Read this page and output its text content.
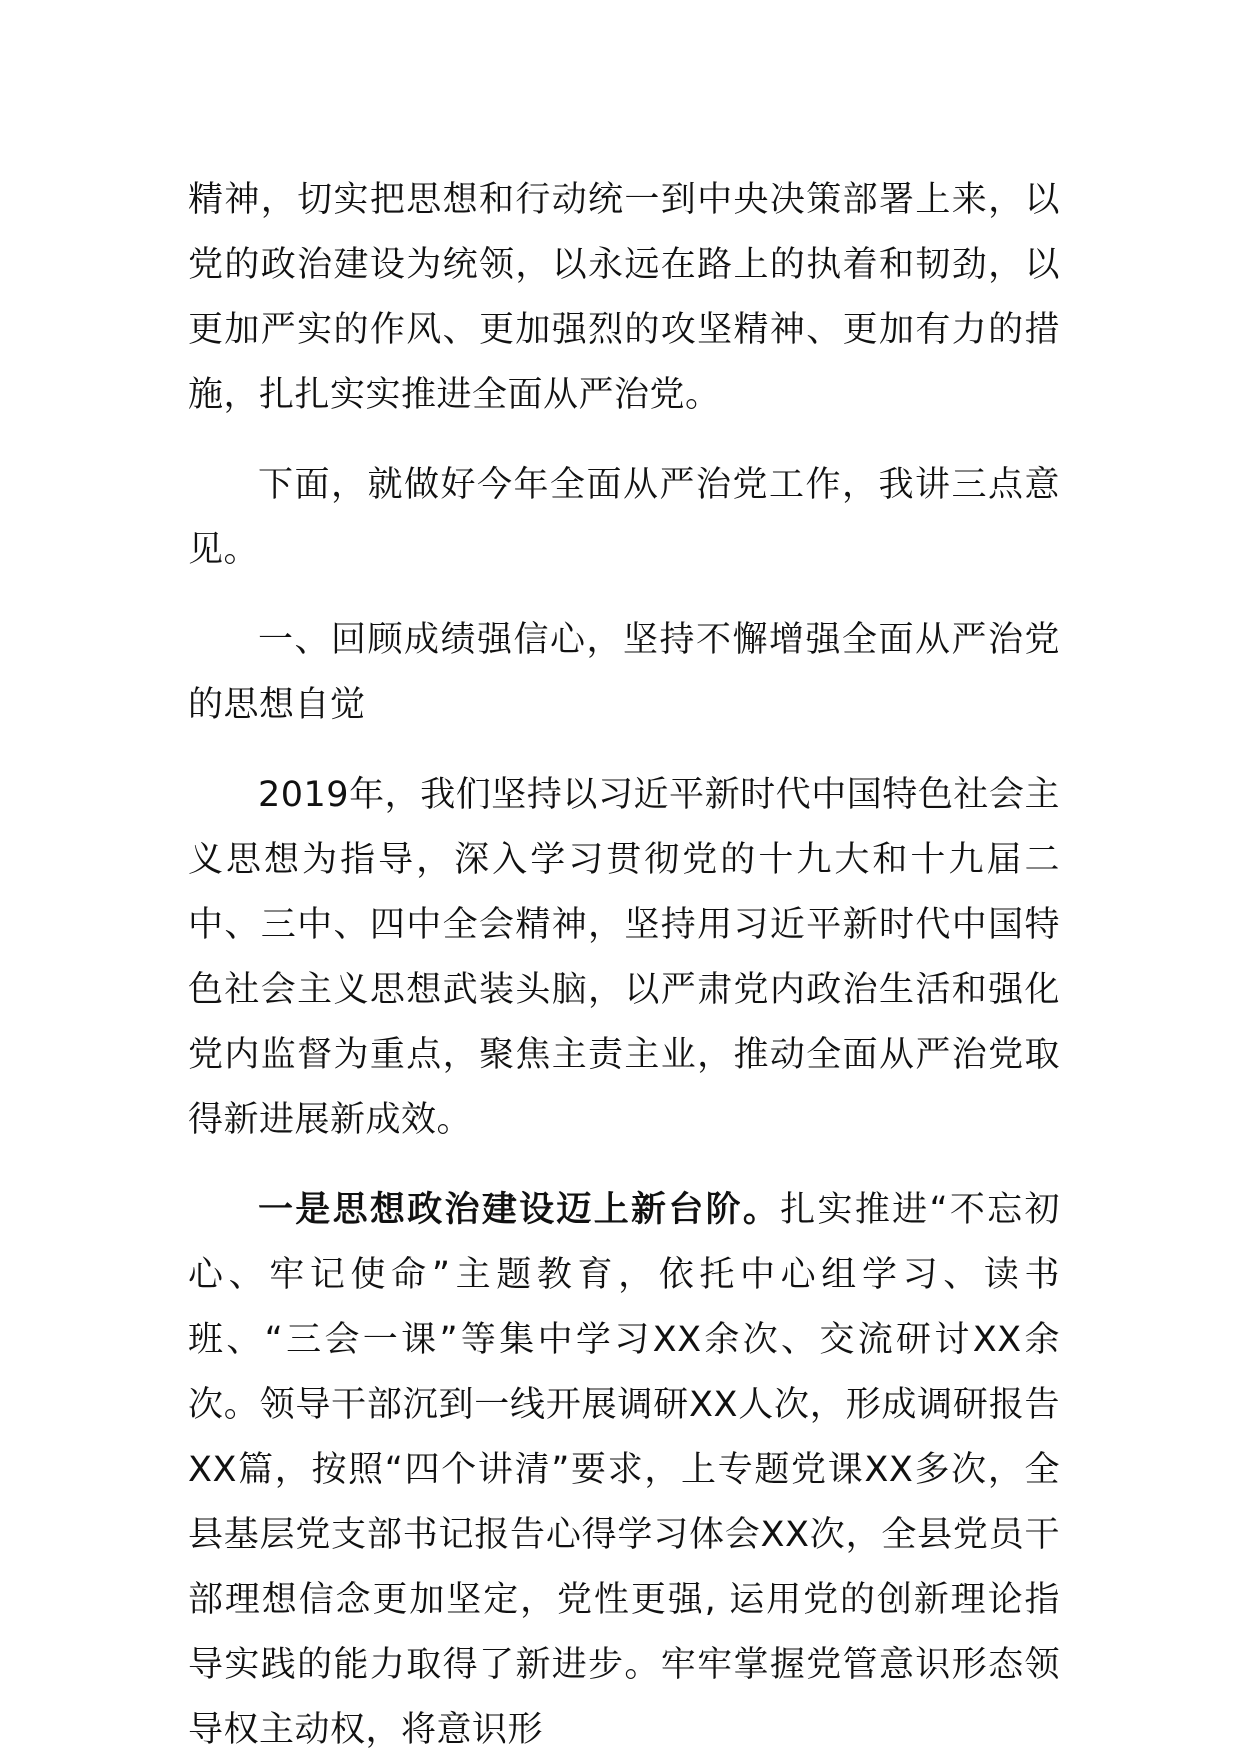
精神，切实把思想和行动统一到中央决策部署上来，以党的政治建设为统领，以永远在路上的执着和韧劲，以更加严实的作风、更加强烈的攻坚精神、更加有力的措施，扎扎实实推进全面从严治党。

下面，就做好今年全面从严治党工作，我讲三点意见。

一、回顾成绩强信心，坚持不懈增强全面从严治党的思想自觉

2019年，我们坚持以习近平新时代中国特色社会主义思想为指导，深入学习贯彻党的十九大和十九届二中、三中、四中全会精神，坚持用习近平新时代中国特色社会主义思想武装头脑，以严肃党内政治生活和强化党内监督为重点，聚焦主责主业，推动全面从严治党取得新进展新成效。

一是思想政治建设迈上新台阶。扎实推进“不忘初心、牢记使命”主题教育，依托中心组学习、读书班、“三会一课”等集中学习XX余次、交流研讨XX余次。领导干部沉到一线开展调研XX人次，形成调研报告XX篇，按照“四个讲清”要求，上专题党课XX多次，全县基层党支部书记报告心得学习体会XX次，全县党员干部理想信念更加坚定，党性更强, 运用党的创新理论指导实践的能力取得了新进步。牢牢掌握党管意识形态领导权主动权，将意识形
